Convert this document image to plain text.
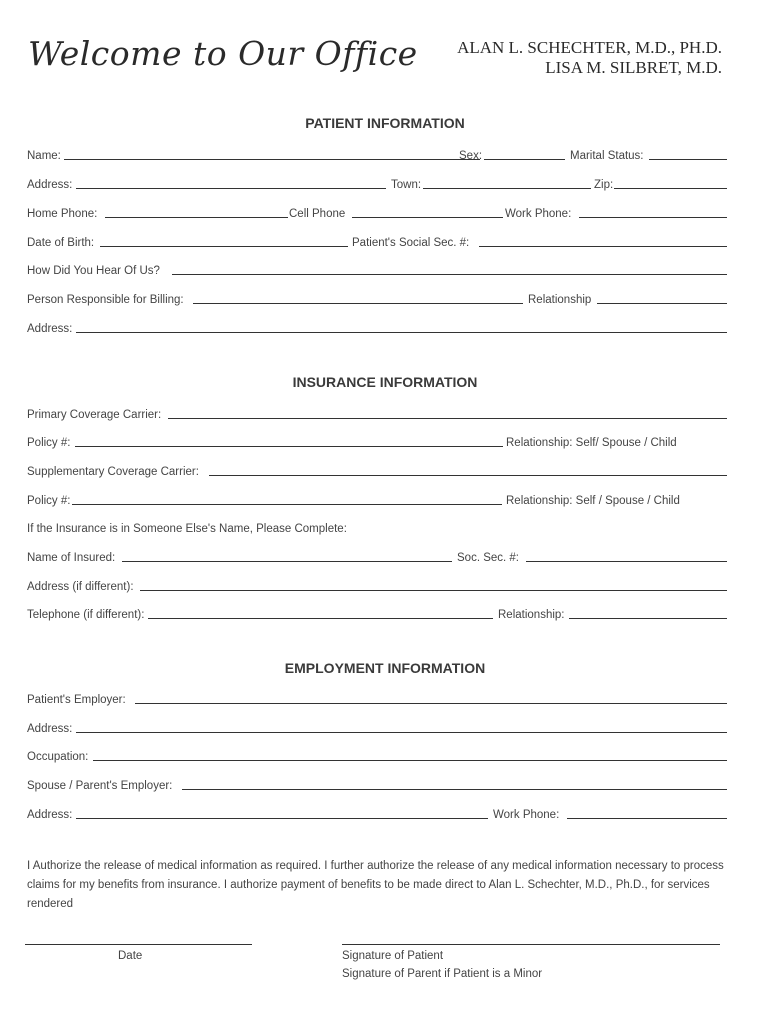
Welcome to Our Office ALAN L. SCHECHTER, M.D., PH.D.
LISA M. SILBRET, M.D.
PATIENT INFORMATION
Name:	Sex:	Marital Status:
Address:	Town:	Zip:
Home Phone:	Cell Phone	Work Phone:
Date of Birth:	Patient's Social Sec. #:
How Did You Hear Of Us?
Person Responsible for Billing:	Relationship
Address:
INSURANCE INFORMATION
Primary Coverage Carrier:
Policy #:	Relationship: Self/ Spouse / Child
Supplementary Coverage Carrier:
Policy #:	Relationship: Self / Spouse / Child
If the Insurance is in Someone Else's Name, Please Complete:
Name of Insured:	Soc. Sec. #:
Address (if different):
Telephone (if different):	Relationship:
EMPLOYMENT INFORMATION
Patient's Employer:
Address:
Occupation:
Spouse / Parent's Employer:
Address:	Work Phone:
I Authorize the release of medical information as required. I further authorize the release of any medical information necessary to process claims for my benefits from insurance. I authorize payment of benefits to be made direct to Alan L. Schechter, M.D., Ph.D., for services rendered
Date	Signature of Patient
Signature of Parent if Patient is a Minor
